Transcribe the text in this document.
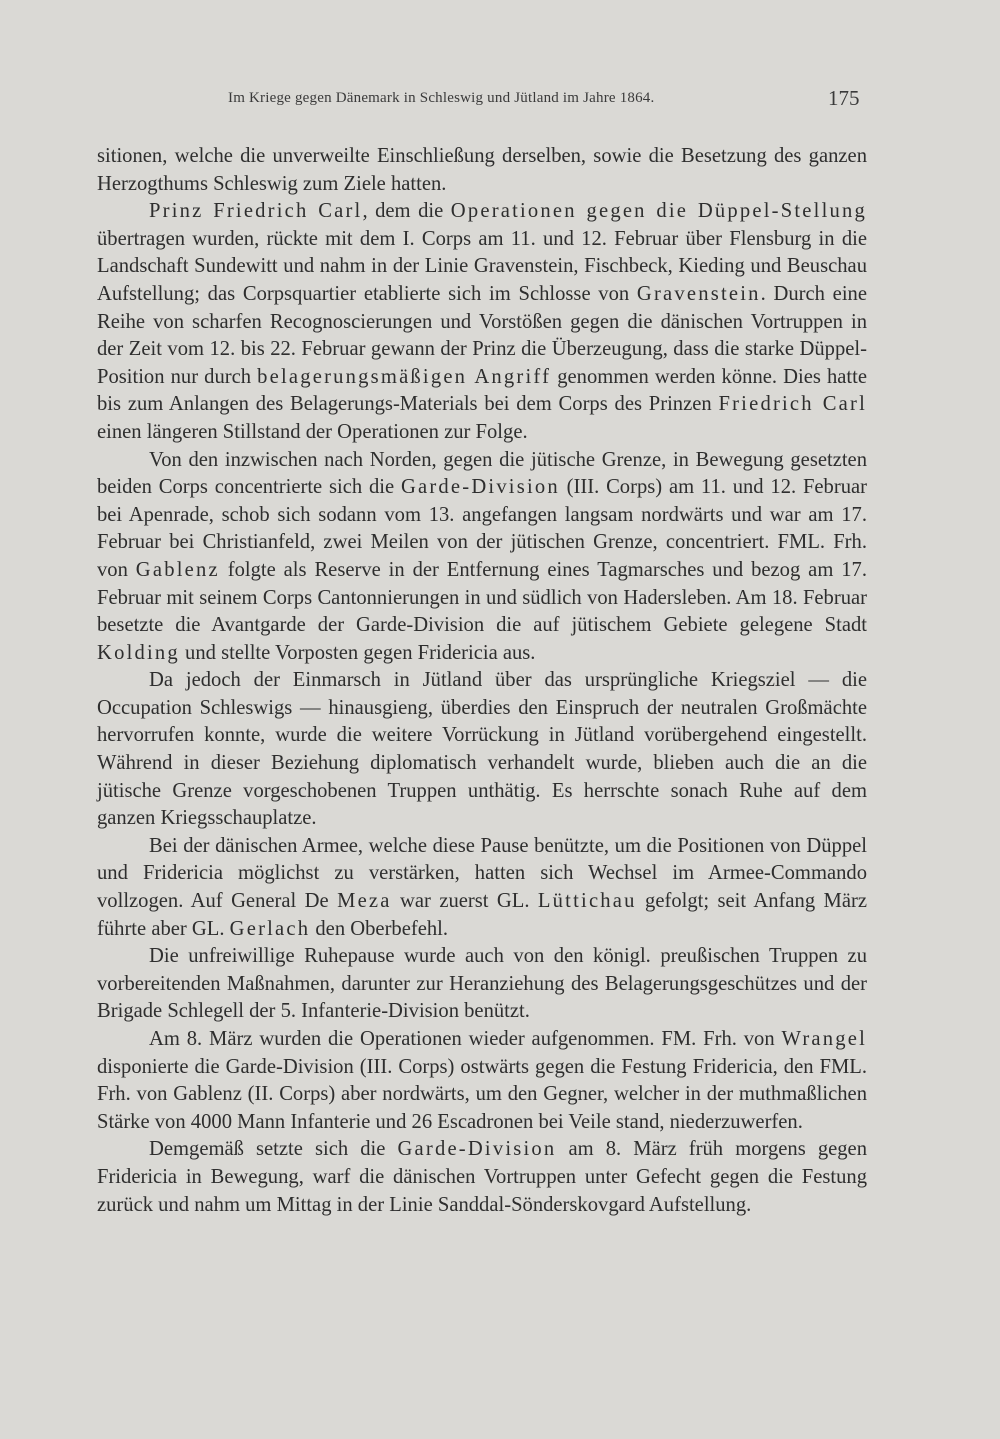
Im Kriege gegen Dänemark in Schleswig und Jütland im Jahre 1864.	175

sitionen, welche die unverweilte Einschließung derselben, sowie die Besetzung des ganzen Herzogthums Schleswig zum Ziele hatten.

Prinz Friedrich Carl, dem die Operationen gegen die Düppel-Stellung übertragen wurden, rückte mit dem I. Corps am 11. und 12. Februar über Flensburg in die Landschaft Sundewitt und nahm in der Linie Gravenstein, Fischbeck, Kieding und Beuschau Aufstellung; das Corpsquartier etablierte sich im Schlosse von Gravenstein. Durch eine Reihe von scharfen Recognoscierungen und Vorstößen gegen die dänischen Vortruppen in der Zeit vom 12. bis 22. Februar gewann der Prinz die Überzeugung, dass die starke Düppel-Position nur durch belagerungsmäßigen Angriff genommen werden könne. Dies hatte bis zum Anlangen des Belagerungs-Materials bei dem Corps des Prinzen Friedrich Carl einen längeren Stillstand der Operationen zur Folge.

Von den inzwischen nach Norden, gegen die jütische Grenze, in Bewegung gesetzten beiden Corps concentrierte sich die Garde-Division (III. Corps) am 11. und 12. Februar bei Apenrade, schob sich sodann vom 13. angefangen langsam nordwärts und war am 17. Februar bei Christianfeld, zwei Meilen von der jütischen Grenze, concentriert. FML. Frh. von Gablenz folgte als Reserve in der Entfernung eines Tagmarsches und bezog am 17. Februar mit seinem Corps Cantonnierungen in und südlich von Hadersleben. Am 18. Februar besetzte die Avantgarde der Garde-Division die auf jütischem Gebiete gelegene Stadt Kolding und stellte Vorposten gegen Fridericia aus.

Da jedoch der Einmarsch in Jütland über das ursprüngliche Kriegsziel — die Occupation Schleswigs — hinausgieng, überdies den Einspruch der neutralen Großmächte hervorrufen konnte, wurde die weitere Vorrückung in Jütland vorübergehend eingestellt. Während in dieser Beziehung diplomatisch verhandelt wurde, blieben auch die an die jütische Grenze vorgeschobenen Truppen unthätig. Es herrschte sonach Ruhe auf dem ganzen Kriegsschauplatze.

Bei der dänischen Armee, welche diese Pause benützte, um die Positionen von Düppel und Fridericia möglichst zu verstärken, hatten sich Wechsel im Armee-Commando vollzogen. Auf General De Meza war zuerst GL. Lüttichau gefolgt; seit Anfang März führte aber GL. Gerlach den Oberbefehl.

Die unfreiwillige Ruhepause wurde auch von den königl. preußischen Truppen zu vorbereitenden Maßnahmen, darunter zur Heranziehung des Belagerungsgeschützes und der Brigade Schlegell der 5. Infanterie-Division benützt.

Am 8. März wurden die Operationen wieder aufgenommen. FM. Frh. von Wrangel disponierte die Garde-Division (III. Corps) ostwärts gegen die Festung Fridericia, den FML. Frh. von Gablenz (II. Corps) aber nordwärts, um den Gegner, welcher in der muthmaßlichen Stärke von 4000 Mann Infanterie und 26 Escadronen bei Veile stand, niederzuwerfen.

Demgemäß setzte sich die Garde-Division am 8. März früh morgens gegen Fridericia in Bewegung, warf die dänischen Vortruppen unter Gefecht gegen die Festung zurück und nahm um Mittag in der Linie Sanddal-Sönderskovgard Aufstellung.
